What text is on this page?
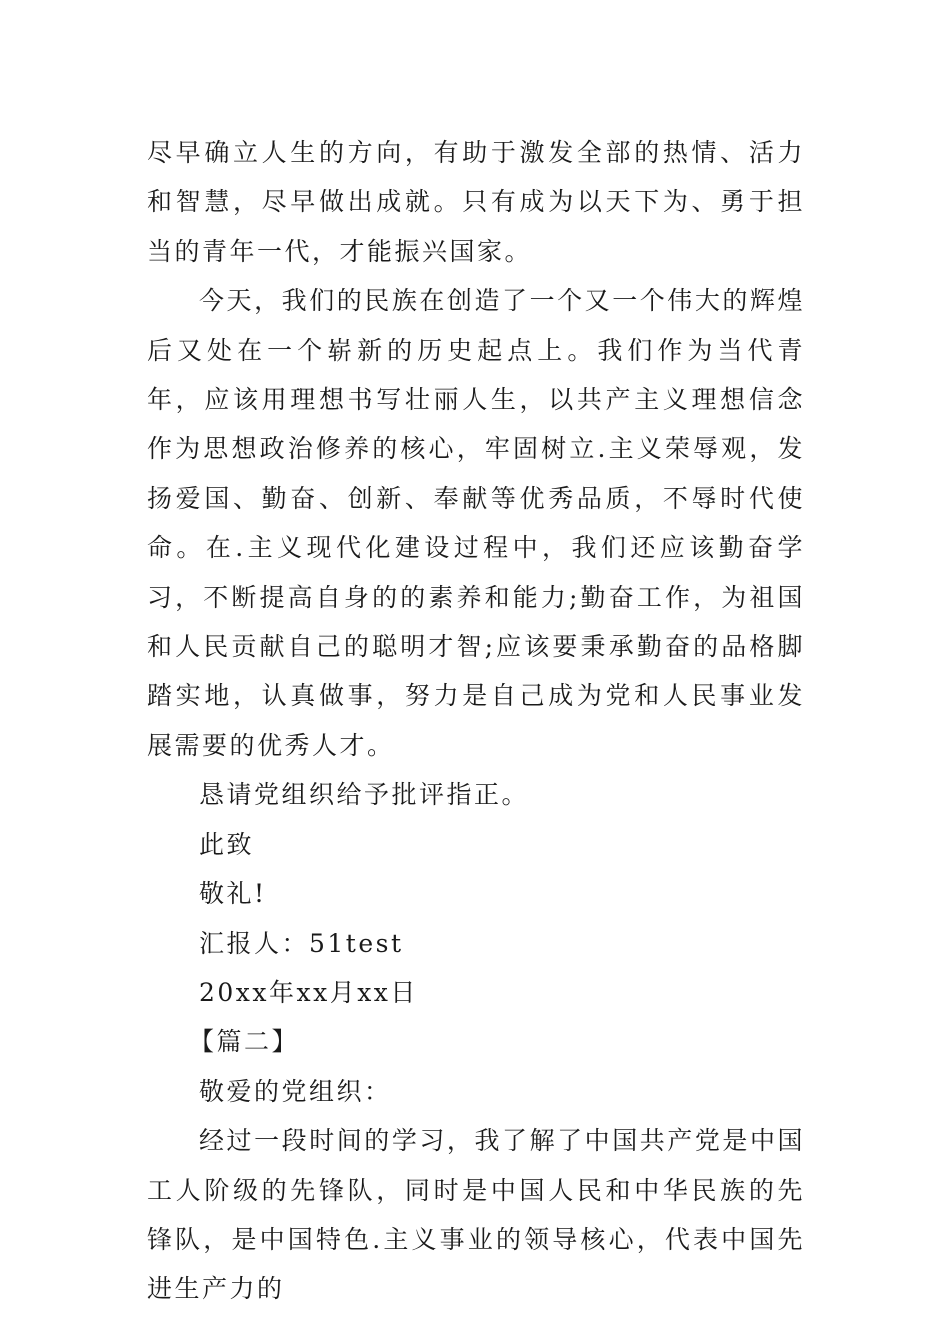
尽早确立人生的方向，有助于激发全部的热情、活力和智慧，尽早做出成就。只有成为以天下为、勇于担当的青年一代，才能振兴国家。

今天，我们的民族在创造了一个又一个伟大的辉煌后又处在一个崭新的历史起点上。我们作为当代青年，应该用理想书写壮丽人生，以共产主义理想信念作为思想政治修养的核心，牢固树立.主义荣辱观，发扬爱国、勤奋、创新、奉献等优秀品质，不辱时代使命。在.主义现代化建设过程中，我们还应该勤奋学习，不断提高自身的的素养和能力;勤奋工作，为祖国和人民贡献自己的聪明才智;应该要秉承勤奋的品格脚踏实地，认真做事，努力是自己成为党和人民事业发展需要的优秀人才。

恳请党组织给予批评指正。

此致

敬礼!

汇报人：51test

20xx年xx月xx日

【篇二】

敬爱的党组织：

经过一段时间的学习，我了解了中国共产党是中国工人阶级的先锋队，同时是中国人民和中华民族的先锋队，是中国特色.主义事业的领导核心，代表中国先进生产力的
